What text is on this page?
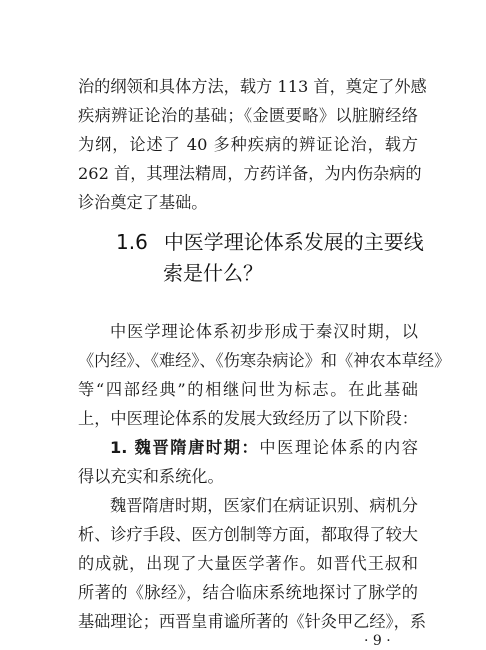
治的纲领和具体方法，载方 113 首，奠定了外感
疾病辨证论治的基础；《金匮要略》以脏腑经络
为纲，论述了 40 多种疾病的辨证论治，载方
262 首，其理法精周，方药详备，为内伤杂病的
诊治奠定了基础。
1.6 中医学理论体系发展的主要线
索是什么？
中医学理论体系初步形成于秦汉时期，以
《内经》、《难经》、《伤寒杂病论》和《神农本草经》
等“四部经典”的相继问世为标志。在此基础
上，中医理论体系的发展大致经历了以下阶段：
1. 魏晋隋唐时期：中医理论体系的内容
得以充实和系统化。
魏晋隋唐时期，医家们在病证识别、病机分
析、诊疗手段、医方创制等方面，都取得了较大
的成就，出现了大量医学著作。如晋代王叔和
所著的《脉经》，结合临床系统地探讨了脉学的
基础理论；西晋皇甫谧所著的《针灸甲乙经》，系
· 9 ·
